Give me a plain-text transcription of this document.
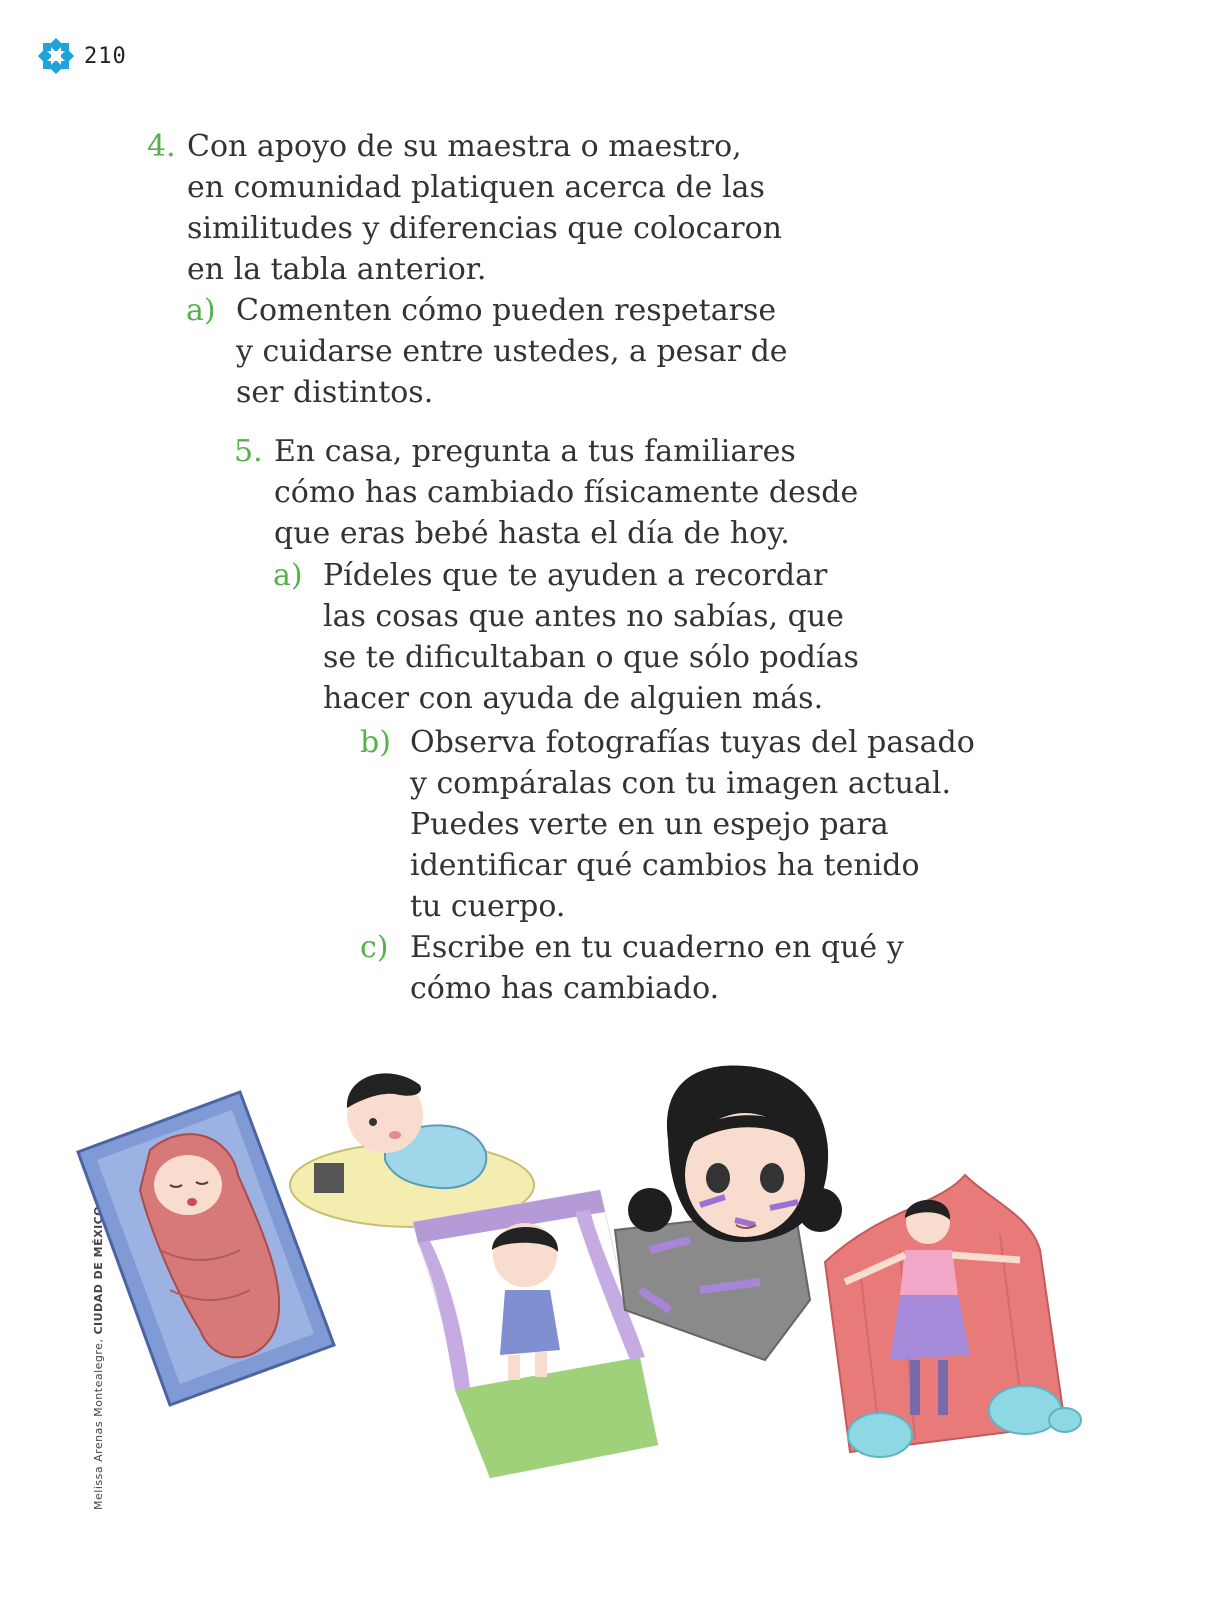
210
4. Con apoyo de su maestra o maestro,
en comunidad platiquen acerca de las
similitudes y diferencias que colocaron
en la tabla anterior.
a) Comenten cómo pueden respetarse
y cuidarse entre ustedes, a pesar de
ser distintos.
5. En casa, pregunta a tus familiares
cómo has cambiado físicamente desde
que eras bebé hasta el día de hoy.
a) Pídeles que te ayuden a recordar
las cosas que antes no sabías, que
se te dificultaban o que sólo podías
hacer con ayuda de alguien más.
b) Observa fotografías tuyas del pasado
y compáralas con tu imagen actual.
Puedes verte en un espejo para
identificar qué cambios ha tenido
tu cuerpo.
c) Escribe en tu cuaderno en qué y
cómo has cambiado.
Melissa Arenas Montealegre, CIUDAD DE MÉXICO
